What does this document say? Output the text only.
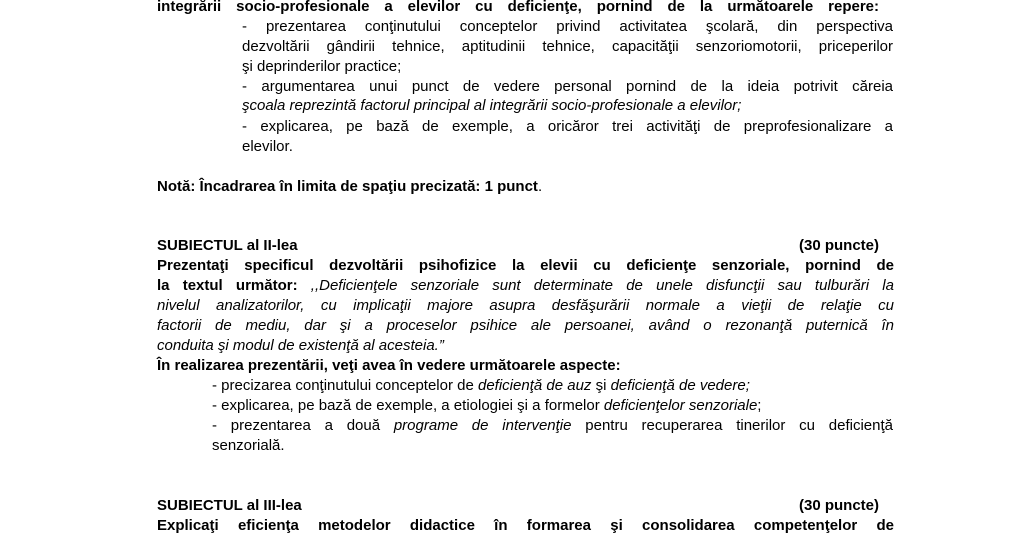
integrării socio-profesionale a elevilor cu deficienţe, pornind de la următoarele repere:
- prezentarea conţinutului conceptelor privind activitatea şcolară, din perspectiva
dezvoltării gândirii tehnice, aptitudinii tehnice, capacităţii senzoriomotorii, priceperilor
şi deprinderilor practice;
- argumentarea unui punct de vedere personal pornind de la ideia potrivit căreia
şcoala reprezintă factorul principal al integrării socio-profesionale a elevilor;
- explicarea, pe bază de exemple, a oricăror trei activităţi de preprofesionalizare a
elevilor.
Notă: Încadrarea în limita de spaţiu precizată: 1 punct.
SUBIECTUL al II-lea	(30 puncte)
Prezentaţi specificul dezvoltării psihofizice la elevii cu deficienţe senzoriale, pornind de
la textul următor: ,,Deficienţele senzoriale sunt determinate de unele disfuncţii sau tulburări la
nivelul analizatorilor, cu implicaţii majore asupra desfăşurării normale a vieţii de relaţie cu
factorii de mediu, dar şi a proceselor psihice ale persoanei, având o rezonanţă puternică în
conduita şi modul de existenţă al acesteia.”
În realizarea prezentării, veţi avea în vedere următoarele aspecte:
- precizarea conţinutului conceptelor de deficienţă de auz şi deficienţă de vedere;
- explicarea, pe bază de exemple, a etiologiei şi a formelor deficienţelor senzoriale;
- prezentarea a două programe de intervenţie pentru recuperarea tinerilor cu deficienţă
senzorială.
SUBIECTUL al III-lea	(30 puncte)
Explicaţi eficienţa metodelor didactice în formarea şi consolidarea competenţelor de
